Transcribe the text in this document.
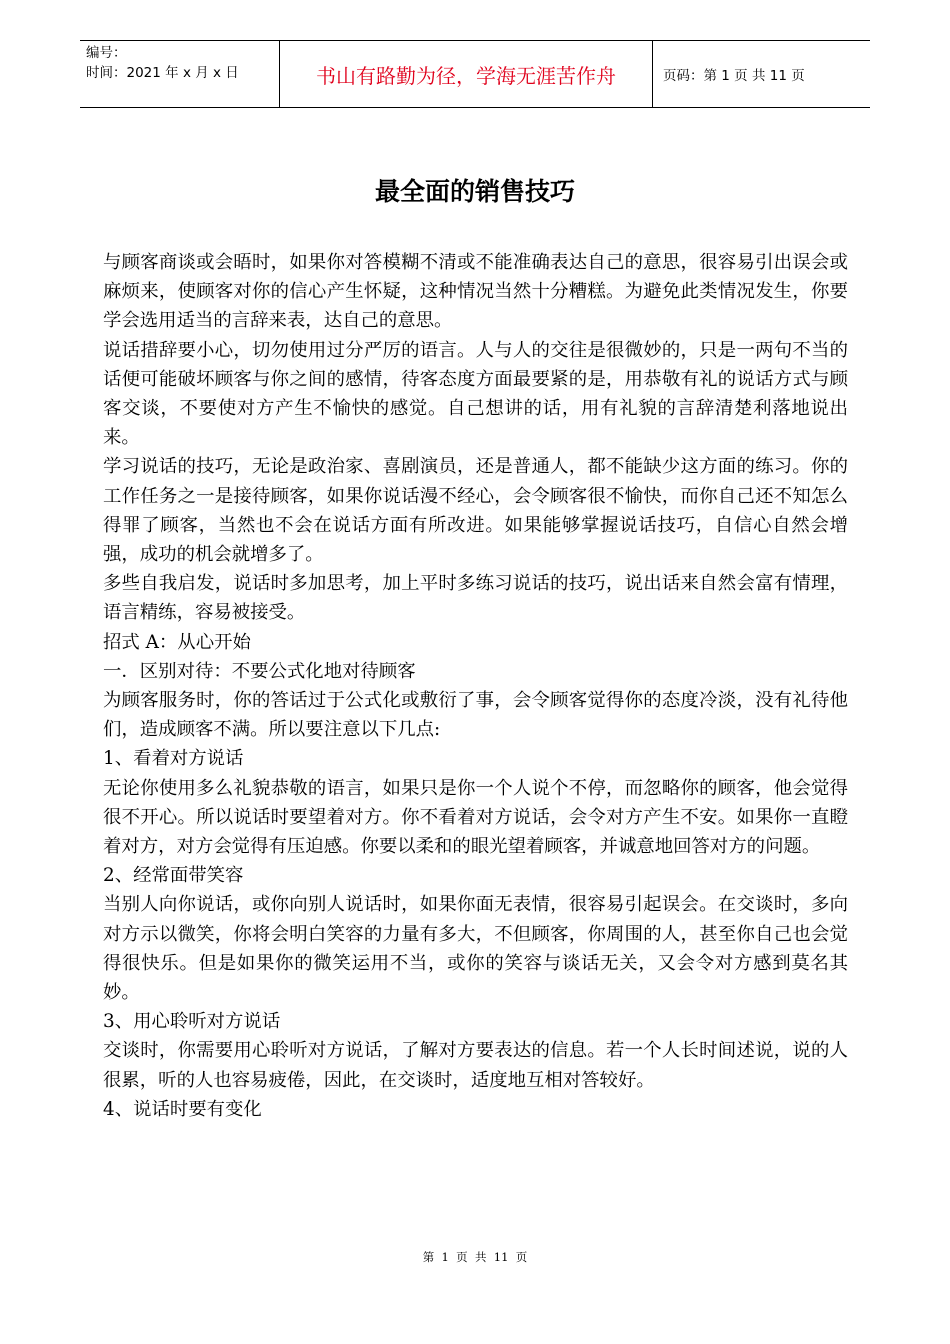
编号：
时间：2021 年 x 月 x 日	书山有路勤为径，学海无涯苦作舟	页码：第 1 页 共 11 页
最全面的销售技巧

与顾客商谈或会晤时，如果你对答模糊不清或不能准确表达自己的意思，很容易引出误会或麻烦来，使顾客对你的信心产生怀疑，这种情况当然十分糟糕。为避免此类情况发生，你要学会选用适当的言辞来表，达自己的意思。

说话措辞要小心，切勿使用过分严厉的语言。人与人的交往是很微妙的，只是一两句不当的话便可能破坏顾客与你之间的感情，待客态度方面最要紧的是，用恭敬有礼的说话方式与顾客交谈，不要使对方产生不愉快的感觉。自己想讲的话，用有礼貌的言辞清楚利落地说出来。

学习说话的技巧，无论是政治家、喜剧演员，还是普通人，都不能缺少这方面的练习。你的工作任务之一是接待顾客，如果你说话漫不经心，会令顾客很不愉快，而你自己还不知怎么得罪了顾客，当然也不会在说话方面有所改进。如果能够掌握说话技巧，自信心自然会增强，成功的机会就增多了。

多些自我启发，说话时多加思考，加上平时多练习说话的技巧，说出话来自然会富有情理，语言精练，容易被接受。

招式 A：从心开始

一．区别对待：不要公式化地对待顾客

为顾客服务时，你的答话过于公式化或敷衍了事，会令顾客觉得你的态度冷淡，没有礼待他们，造成顾客不满。所以要注意以下几点:

1、看着对方说话

无论你使用多么礼貌恭敬的语言，如果只是你一个人说个不停，而忽略你的顾客，他会觉得很不开心。所以说话时要望着对方。你不看着对方说话，会令对方产生不安。如果你一直瞪着对方，对方会觉得有压迫感。你要以柔和的眼光望着顾客，并诚意地回答对方的问题。

2、经常面带笑容

当别人向你说话，或你向别人说话时，如果你面无表情，很容易引起误会。在交谈时，多向对方示以微笑，你将会明白笑容的力量有多大，不但顾客，你周围的人，甚至你自己也会觉得很快乐。但是如果你的微笑运用不当，或你的笑容与谈话无关，又会令对方感到莫名其妙。

3、用心聆听对方说话

交谈时，你需要用心聆听对方说话，了解对方要表达的信息。若一个人长时间述说，说的人很累，听的人也容易疲倦，因此，在交谈时，适度地互相对答较好。

4、说话时要有变化

第  1  页  共  11  页
